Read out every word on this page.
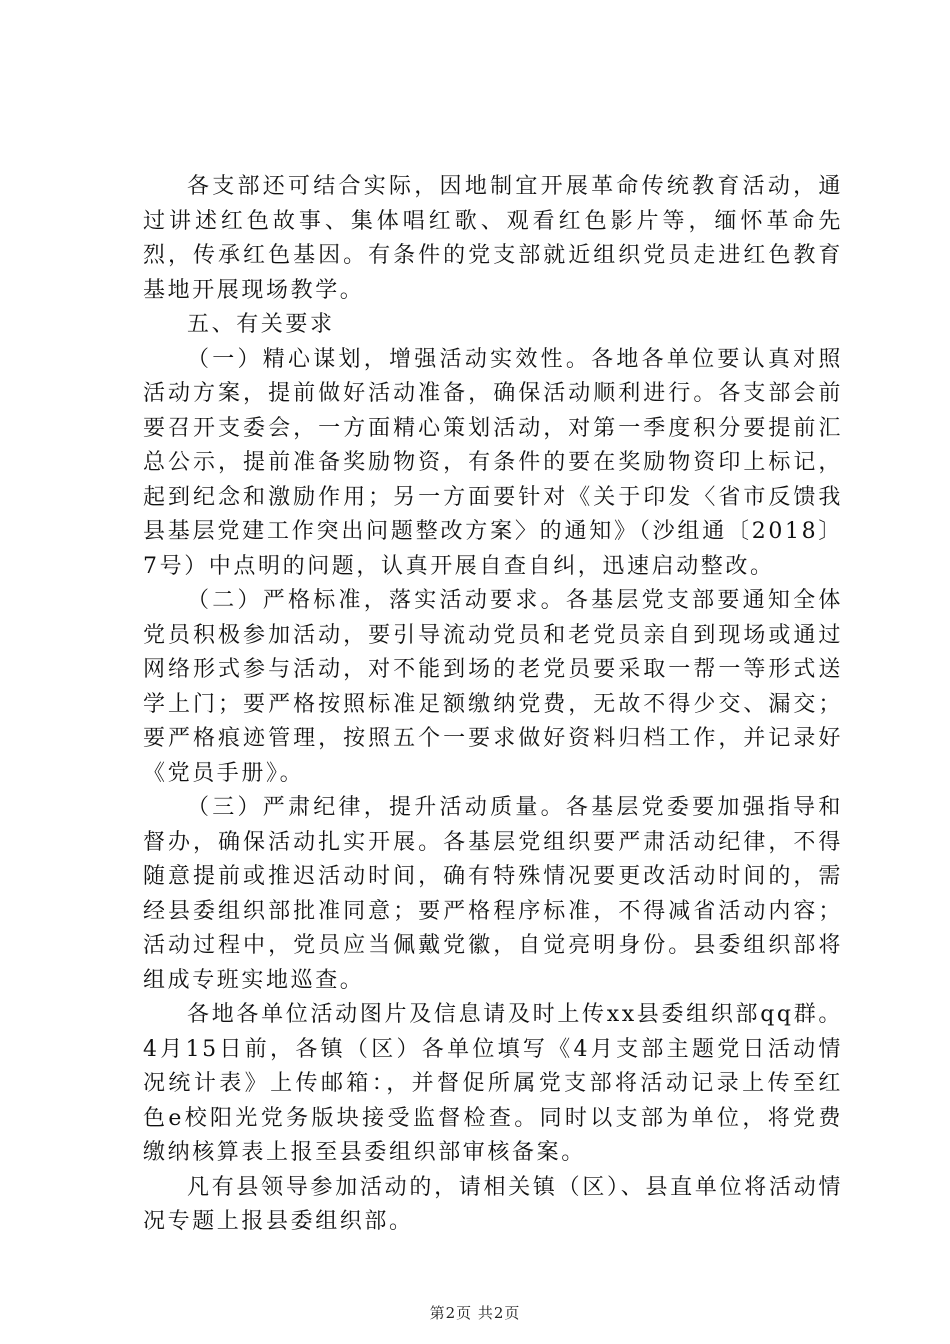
各支部还可结合实际，因地制宜开展革命传统教育活动，通过讲述红色故事、集体唱红歌、观看红色影片等，缅怀革命先烈，传承红色基因。有条件的党支部就近组织党员走进红色教育基地开展现场教学。

五、有关要求

（一）精心谋划，增强活动实效性。各地各单位要认真对照活动方案，提前做好活动准备，确保活动顺利进行。各支部会前要召开支委会，一方面精心策划活动，对第一季度积分要提前汇总公示，提前准备奖励物资，有条件的要在奖励物资印上标记，起到纪念和激励作用；另一方面要针对《关于印发〈省市反馈我县基层党建工作突出问题整改方案〉的通知》（沙组通〔2018〕7号）中点明的问题，认真开展自查自纠，迅速启动整改。

（二）严格标准，落实活动要求。各基层党支部要通知全体党员积极参加活动，要引导流动党员和老党员亲自到现场或通过网络形式参与活动，对不能到场的老党员要采取一帮一等形式送学上门；要严格按照标准足额缴纳党费，无故不得少交、漏交；要严格痕迹管理，按照五个一要求做好资料归档工作，并记录好《党员手册》。

（三）严肃纪律，提升活动质量。各基层党委要加强指导和督办，确保活动扎实开展。各基层党组织要严肃活动纪律，不得随意提前或推迟活动时间，确有特殊情况要更改活动时间的，需经县委组织部批准同意；要严格程序标准，不得减省活动内容；活动过程中，党员应当佩戴党徽，自觉亮明身份。县委组织部将组成专班实地巡查。

各地各单位活动图片及信息请及时上传xx县委组织部qq群。4月15日前，各镇（区）各单位填写《4月支部主题党日活动情况统计表》上传邮箱：，并督促所属党支部将活动记录上传至红色e校阳光党务版块接受监督检查。同时以支部为单位，将党费缴纳核算表上报至县委组织部审核备案。

凡有县领导参加活动的，请相关镇（区）、县直单位将活动情况专题上报县委组织部。

第2页 共2页
